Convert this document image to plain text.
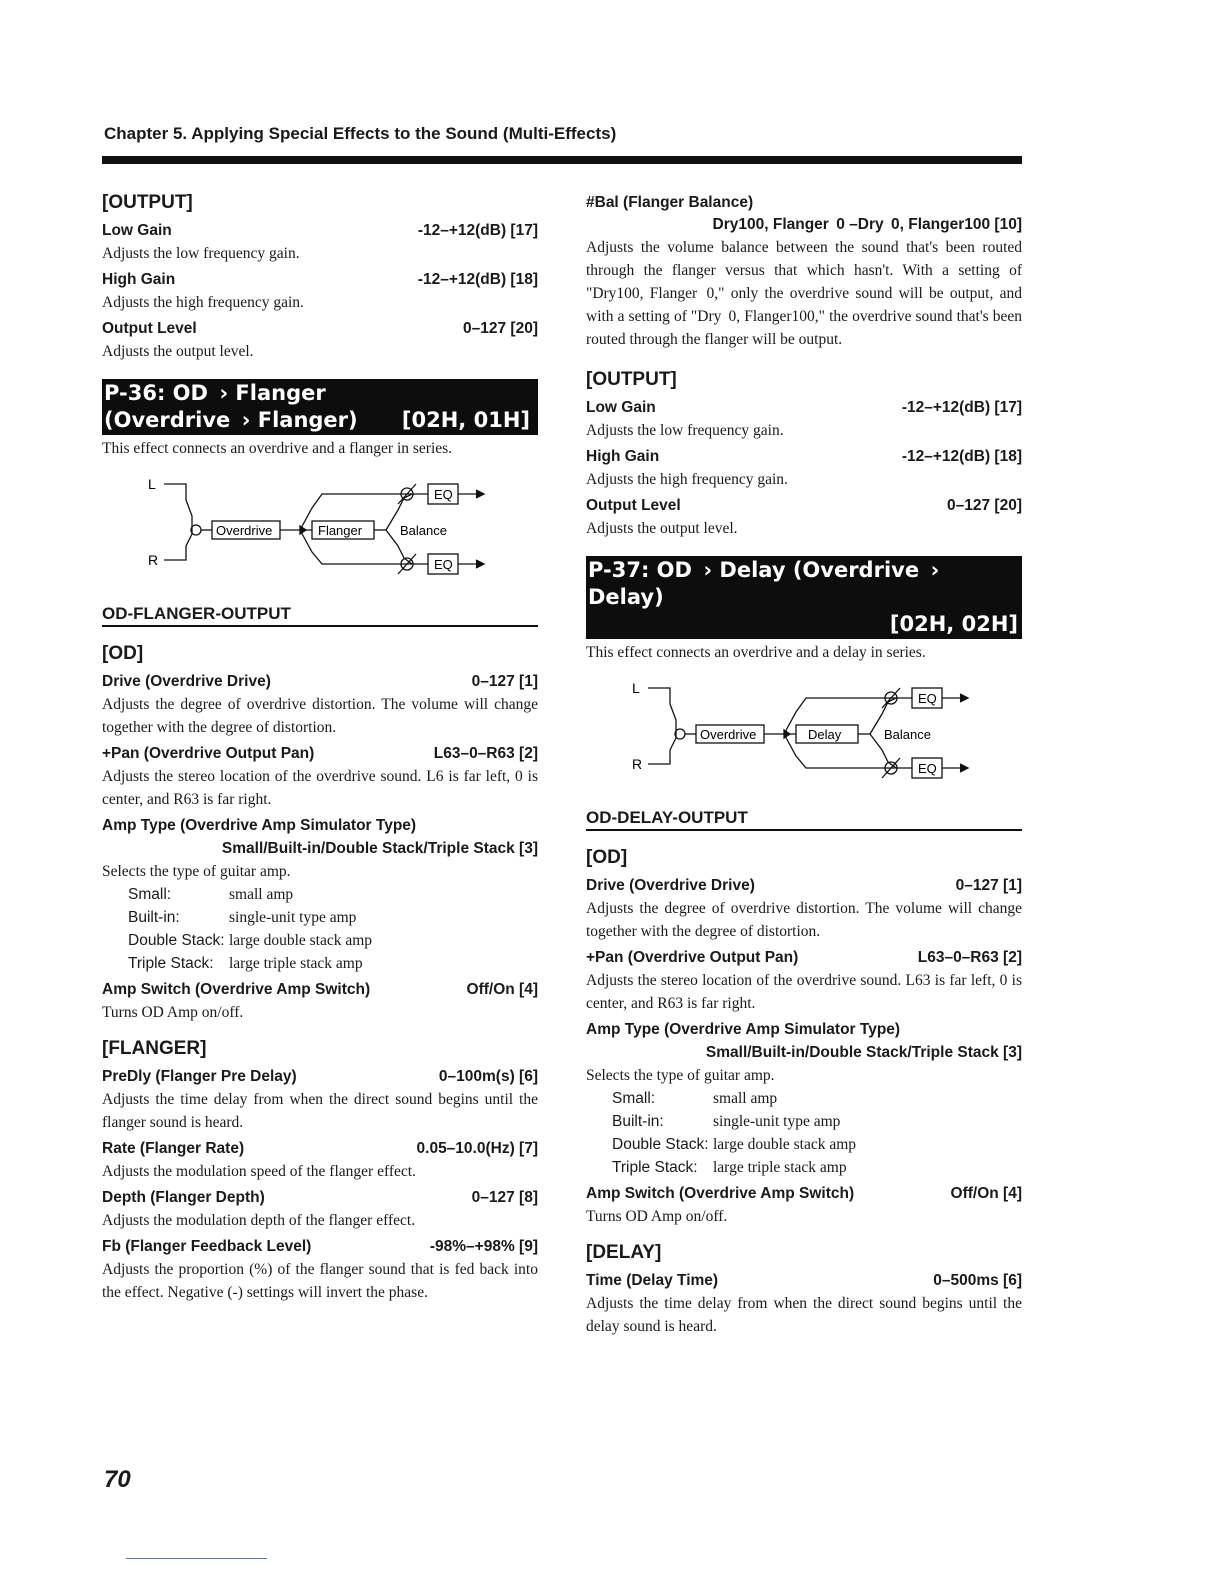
Chapter 5. Applying Special Effects to the Sound (Multi-Effects)
[OUTPUT]
Low Gain	-12–+12(dB) [17]
Adjusts the low frequency gain.
High Gain	-12–+12(dB) [18]
Adjusts the high frequency gain.
Output Level	0–127 [20]
Adjusts the output level.
P-36: OD  › Flanger
(Overdrive  › Flanger) [02H, 01H]
This effect connects an overdrive and a flanger in series.
L
R
Overdrive	Flanger
EQ
EQ
Balance
OD-FLANGER-OUTPUT
[OD]
Drive (Overdrive Drive)	0–127 [1]
Adjusts the degree of overdrive distortion. The volume will change together with the degree of distortion.
+Pan (Overdrive Output Pan)	L63–0–R63 [2]
Adjusts the stereo location of the overdrive sound. L6 is far left, 0 is center, and R63 is far right.
Amp Type (Overdrive Amp Simulator Type)
Small/Built-in/Double Stack/Triple Stack [3]
Selects the type of guitar amp.
Small:	small amp
Built-in:	single-unit type amp
Double Stack: large double stack amp
Triple Stack: large triple stack amp
Amp Switch (Overdrive Amp Switch)	Off/On [4]
Turns OD Amp on/off.
[FLANGER]
PreDly (Flanger Pre Delay)	0–100m(s) [6]
Adjusts the time delay from when the direct sound begins until the flanger sound is heard.
Rate (Flanger Rate)	0.05–10.0(Hz) [7]
Adjusts the modulation speed of the flanger effect.
Depth (Flanger Depth)	0–127 [8]
Adjusts the modulation depth of the flanger effect.
Fb (Flanger Feedback Level)	-98%–+98% [9]
Adjusts the proportion (%) of the flanger sound that is fed back into the effect. Negative (-) settings will invert the phase.
#Bal (Flanger Balance)
Dry100, Flanger  0 –Dry  0, Flanger100 [10]
Adjusts the volume balance between the sound that's been routed through the flanger versus that which hasn't. With a setting of "Dry100, Flanger  0," only the overdrive sound will be output, and with a setting of "Dry  0, Flanger100," the overdrive sound that's been routed through the flanger will be output.
[OUTPUT]
Low Gain	-12–+12(dB) [17]
Adjusts the low frequency gain.
High Gain	-12–+12(dB) [18]
Adjusts the high frequency gain.
Output Level	0–127 [20]
Adjusts the output level.
P-37: OD  › Delay (Overdrive  › Delay)
[02H, 02H]
This effect connects an overdrive and a delay in series.
L
R
Overdrive	Delay
EQ
EQ
Balance
OD-DELAY-OUTPUT
[OD]
Drive (Overdrive Drive)	0–127 [1]
Adjusts the degree of overdrive distortion. The volume will change together with the degree of distortion.
+Pan (Overdrive Output Pan)	L63–0–R63 [2]
Adjusts the stereo location of the overdrive sound. L63 is far left, 0 is center, and R63 is far right.
Amp Type (Overdrive Amp Simulator Type)
Small/Built-in/Double Stack/Triple Stack [3]
Selects the type of guitar amp.
Small:	small amp
Built-in:	single-unit type amp
Double Stack: large double stack amp
Triple Stack: large triple stack amp
Amp Switch (Overdrive Amp Switch)	Off/On [4]
Turns OD Amp on/off.
[DELAY]
Time (Delay Time)	0–500ms [6]
Adjusts the time delay from when the direct sound begins until the delay sound is heard.
70
